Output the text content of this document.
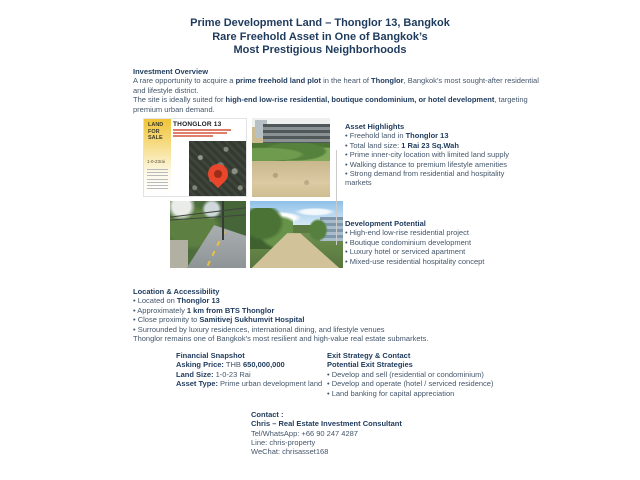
Prime Development Land – Thonglor 13, Bangkok
Rare Freehold Asset in One of Bangkok’s
Most Prestigious Neighborhoods
Investment Overview
A rare opportunity to acquire a prime freehold land plot in the heart of Thonglor, Bangkok’s most sought-after residential and lifestyle district.
The site is ideally suited for high-end low-rise residential, boutique condominium, or hotel development, targeting premium urban demand.
LAND
FOR
SALE
1-0-23rai
THONGLOR 13	Asset Highlights
• Freehold land in Thonglor 13
• Total land size: 1 Rai 23 Sq.Wah
• Prime inner-city location with limited land supply
• Walking distance to premium lifestyle amenities
• Strong demand from residential and hospitality markets
Development Potential
• High-end low-rise residential project
• Boutique condominium development
• Luxury hotel or serviced apartment
• Mixed-use residential hospitality concept
Location & Accessibility
• Located on Thonglor 13
• Approximately 1 km from BTS Thonglor
• Close proximity to Samitivej Sukhumvit Hospital
• Surrounded by luxury residences, international dining, and lifestyle venues
Thonglor remains one of Bangkok’s most resilient and high-value real estate submarkets.
Financial Snapshot
Asking Price: THB 650,000,000
Land Size: 1-0-23 Rai
Asset Type: Prime urban development land
Exit Strategy & Contact
Potential Exit Strategies
• Develop and sell (residential or condominium)
• Develop and operate (hotel / serviced residence)
• Land banking for capital appreciation
Contact :
Chris – Real Estate Investment Consultant
Tel/WhatsApp: +66 90 247 4287
Line: chris-property
WeChat: chrisasset168
